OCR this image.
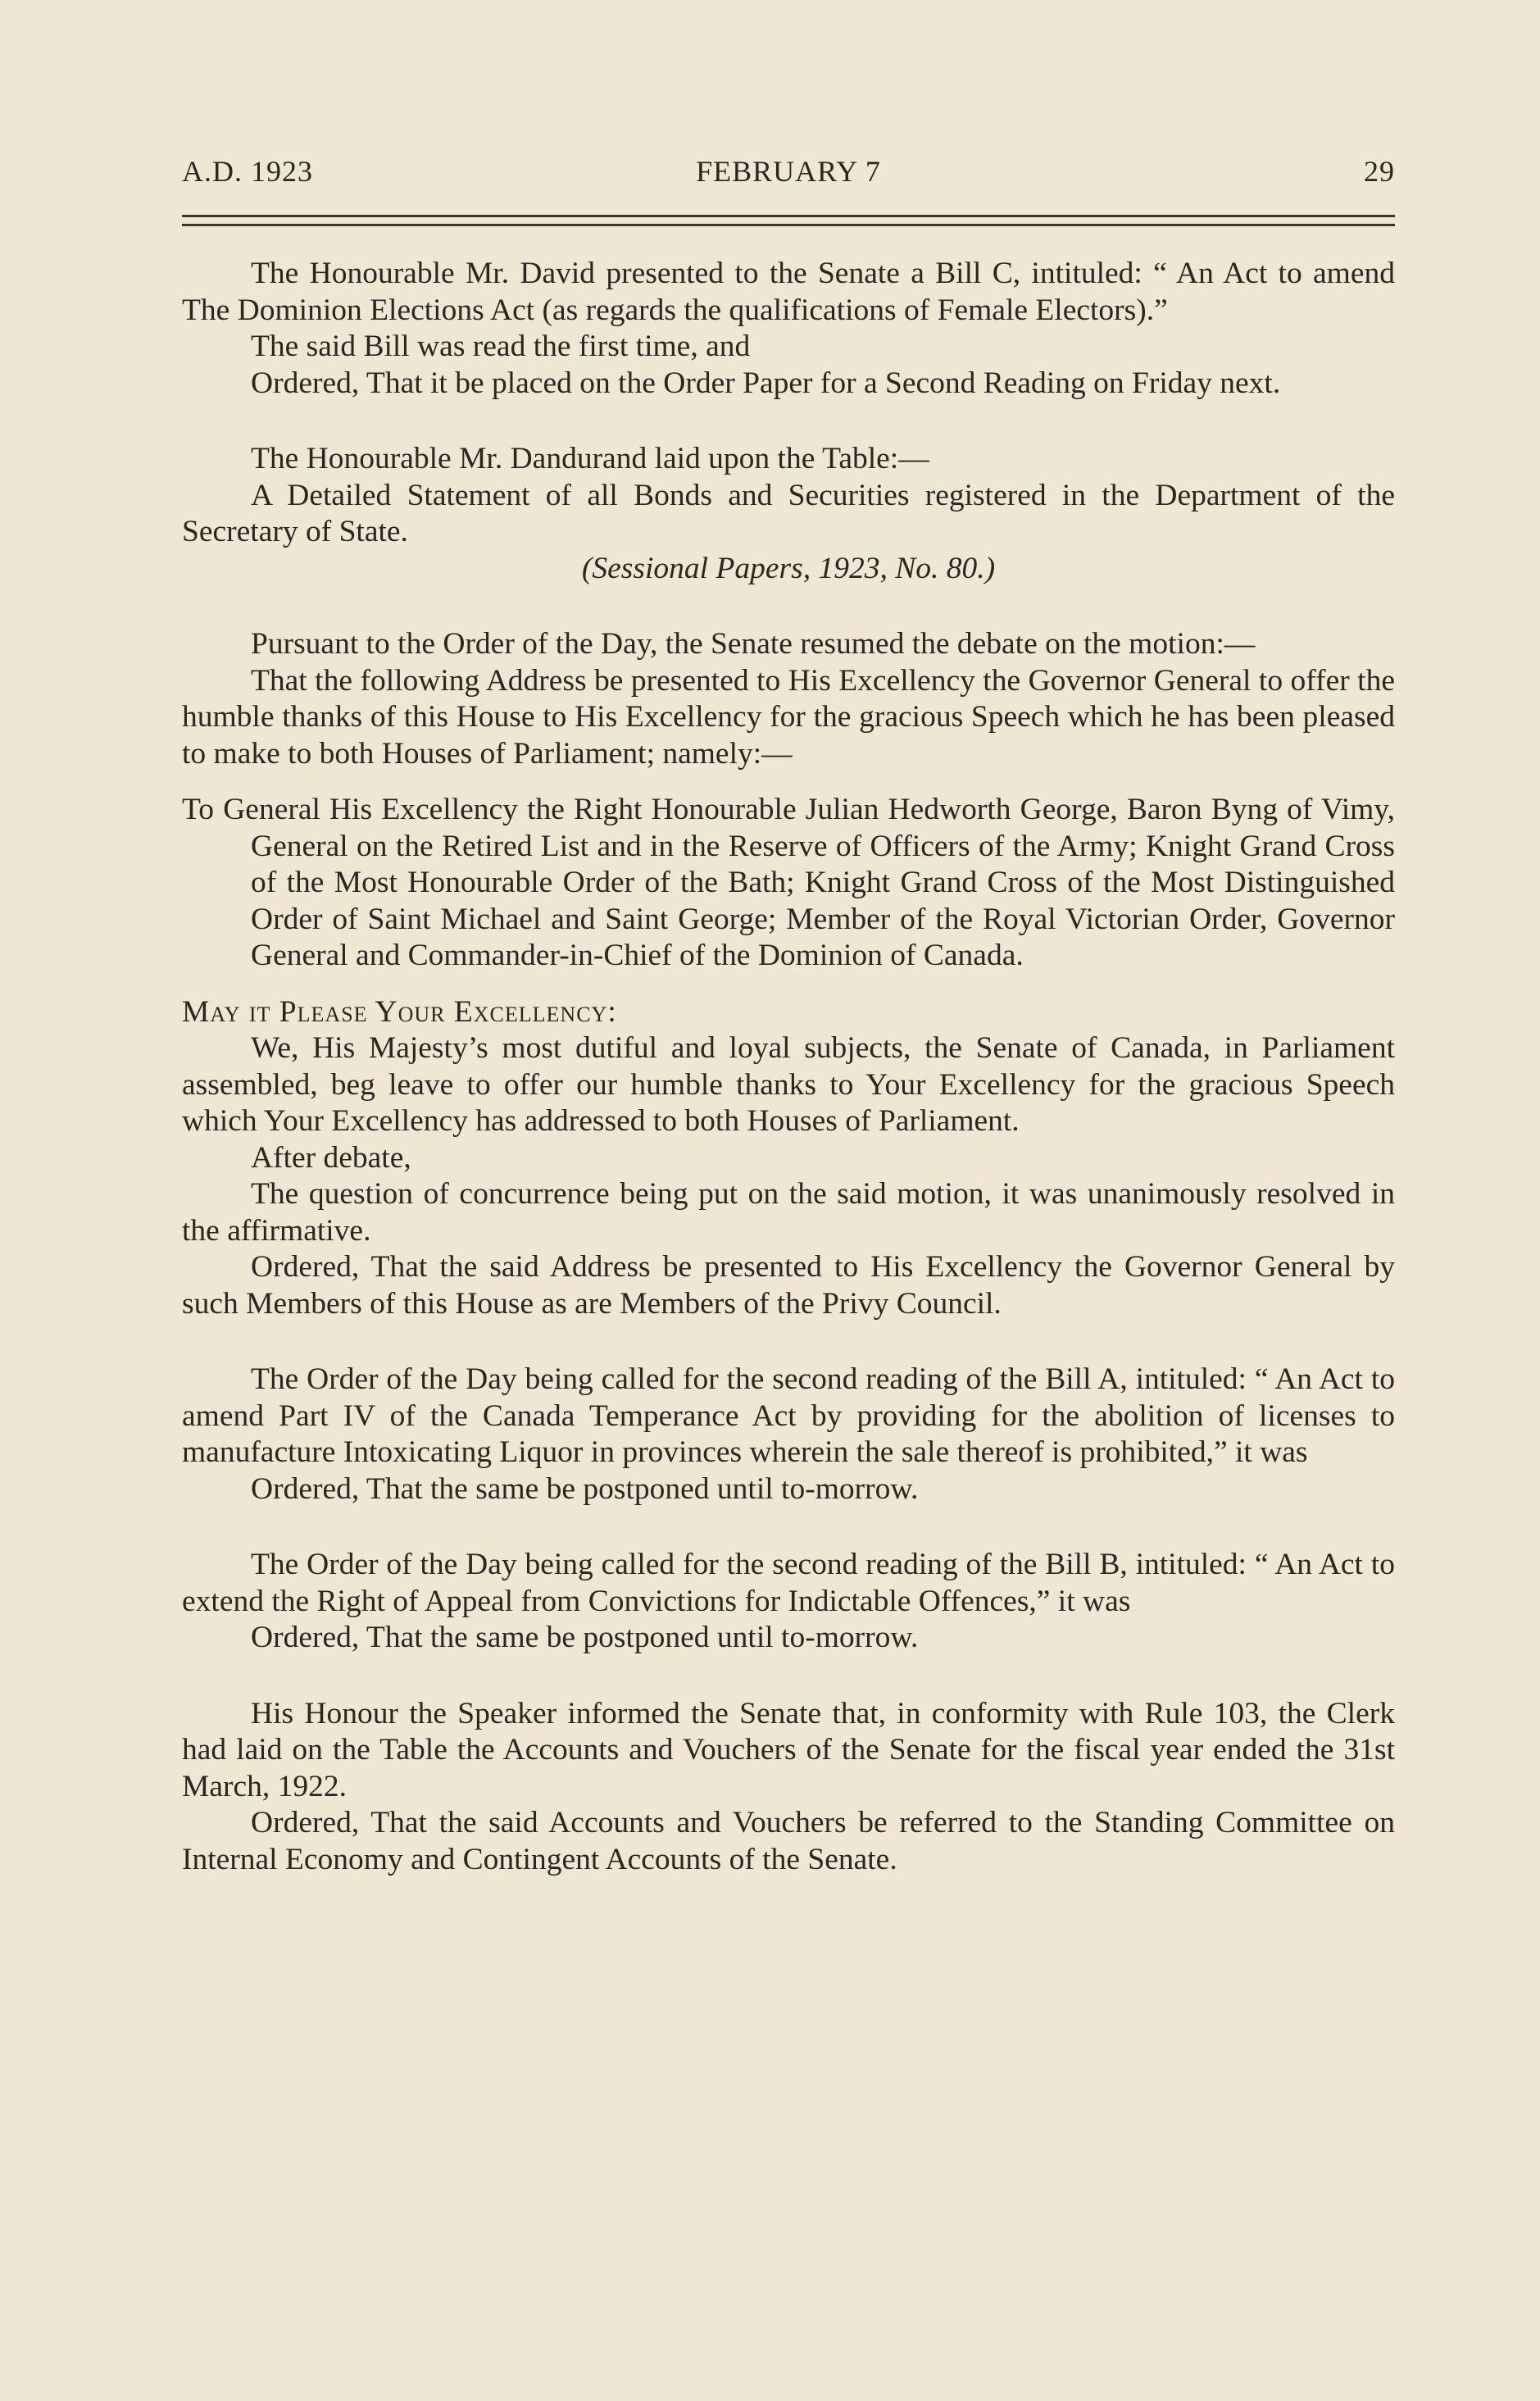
A.D. 1923	FEBRUARY 7	29

The Honourable Mr. David presented to the Senate a Bill C, intituled: “ An Act to amend The Dominion Elections Act (as regards the qualifications of Female Electors).”

The said Bill was read the first time, and

Ordered, That it be placed on the Order Paper for a Second Reading on Friday next.

The Honourable Mr. Dandurand laid upon the Table:—

A Detailed Statement of all Bonds and Securities registered in the Department of the Secretary of State.

(Sessional Papers, 1923, No. 80.)

Pursuant to the Order of the Day, the Senate resumed the debate on the motion:—

That the following Address be presented to His Excellency the Governor General to offer the humble thanks of this House to His Excellency for the gracious Speech which he has been pleased to make to both Houses of Parliament; namely:—

To General His Excellency the Right Honourable Julian Hedworth George, Baron Byng of Vimy, General on the Retired List and in the Reserve of Officers of the Army; Knight Grand Cross of the Most Honourable Order of the Bath; Knight Grand Cross of the Most Distinguished Order of Saint Michael and Saint George; Member of the Royal Victorian Order, Governor General and Commander-in-Chief of the Dominion of Canada.

May it Please Your Excellency:

We, His Majesty’s most dutiful and loyal subjects, the Senate of Canada, in Parliament assembled, beg leave to offer our humble thanks to Your Excellency for the gracious Speech which Your Excellency has addressed to both Houses of Parliament.

After debate,

The question of concurrence being put on the said motion, it was unanimously resolved in the affirmative.

Ordered, That the said Address be presented to His Excellency the Governor General by such Members of this House as are Members of the Privy Council.

The Order of the Day being called for the second reading of the Bill A, intituled: “ An Act to amend Part IV of the Canada Temperance Act by providing for the abolition of licenses to manufacture Intoxicating Liquor in provinces wherein the sale thereof is prohibited,” it was

Ordered, That the same be postponed until to-morrow.

The Order of the Day being called for the second reading of the Bill B, intituled: “ An Act to extend the Right of Appeal from Convictions for Indictable Offences,” it was

Ordered, That the same be postponed until to-morrow.

His Honour the Speaker informed the Senate that, in conformity with Rule 103, the Clerk had laid on the Table the Accounts and Vouchers of the Senate for the fiscal year ended the 31st March, 1922.

Ordered, That the said Accounts and Vouchers be referred to the Standing Committee on Internal Economy and Contingent Accounts of the Senate.
